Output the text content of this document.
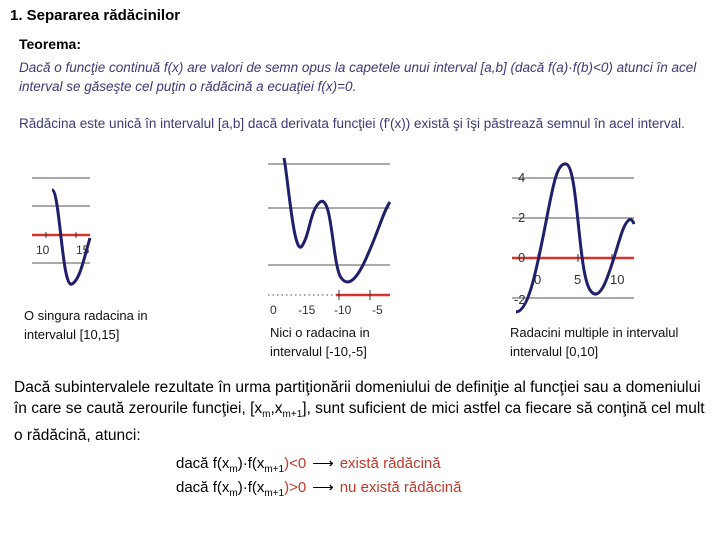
1. Separarea rădăcinilor
Teorema:
Dacă o funcţie continuă f(x) are valori de semn opus la capetele unui interval [a,b] (dacă f(a)·f(b)<0) atunci în acel interval se găseşte cel puţin o rădăcină a ecuaţiei f(x)=0.
Rădăcina este unică în intervalul [a,b] dacă derivata funcţiei (f'(x)) există şi îşi păstrează semnul în acel interval.
10 15
O singura radacina in intervalul [10,15]
0 -15 -10 -5
Nici o radacina in intervalul [-10,-5]
4
2
0
-2
0	5 10
Radacini multiple in intervalul intervalul [0,10]
Dacă subintervalele rezultate în urma partiţionării domeniului de definiţie al funcţiei sau a domeniului în care se caută zerourile funcţiei, $[x_m,x_{m+1}]$, sunt suficient de mici astfel ca fiecare să conţină cel mult o rădăcină, atunci:
dacă $f(x_m)\cdot f(x_{m+1})<0$ ⟶ există rădăcină
dacă $f(x_m)\cdot f(x_{m+1})>0$ ⟶ nu există rădăcină
